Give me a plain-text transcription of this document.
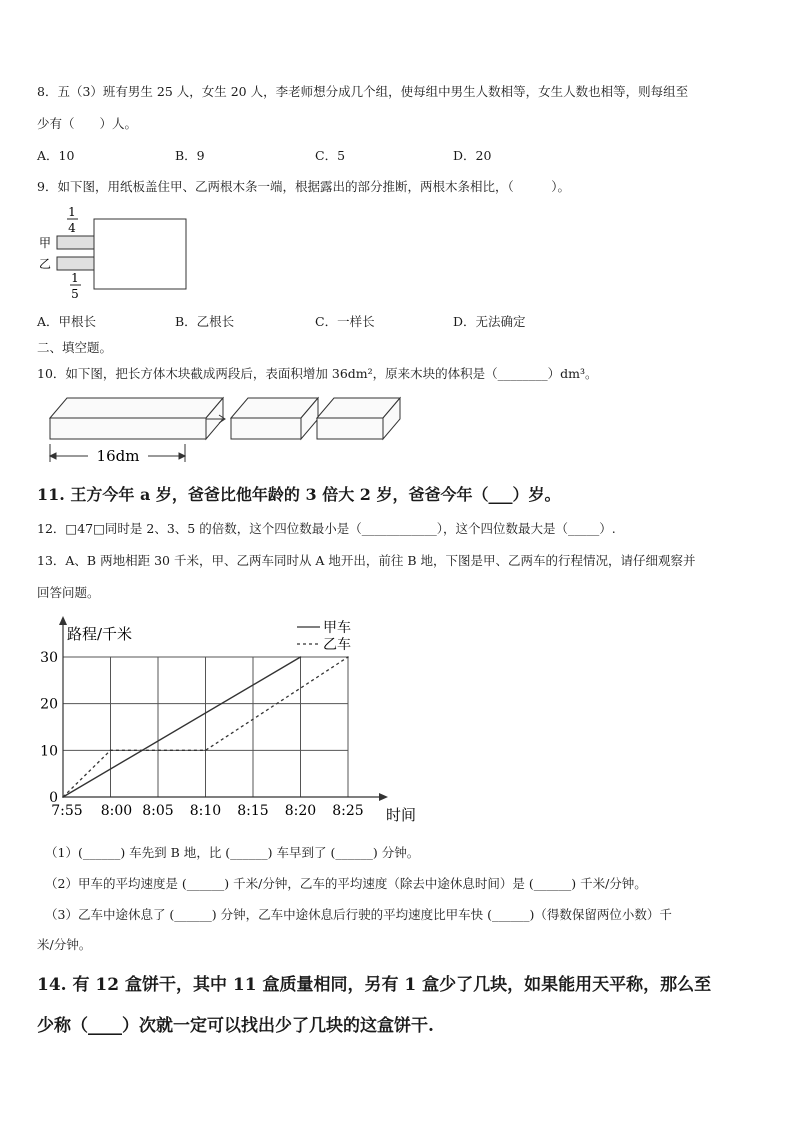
8．五（3）班有男生 25 人，女生 20 人，李老师想分成几个组，使每组中男生人数相等，女生人数也相等，则每组至
少有（　　）人。
A．10	B．9	C．5	D．20
9．如下图，用纸板盖住甲、乙两根木条一端，根据露出的部分推断，两根木条相比，（　　　）。
1
4
甲
乙
1
5
A．甲根长	B．乙根长	C．一样长	D．无法确定
二、填空题。
10．如下图，把长方体木块截成两段后，表面积增加 36dm²，原来木块的体积是（________）dm³。
16dm
11. 王方今年 a 岁，爸爸比他年龄的 3 倍大 2 岁，爸爸今年（___）岁。
12．□47□同时是 2、3、5 的倍数，这个四位数最小是（____________），这个四位数最大是（_____）.
13．A、B 两地相距 30 千米，甲、乙两车同时从 A 地开出，前往 B 地，下图是甲、乙两车的行程情况，请仔细观察并
回答问题。
0
10
20
30
7:55 8:00 8:05 8:10 8:15 8:20 8:25
甲车
乙车
路程/千米
时间
（1）(______) 车先到 B 地，比 (______) 车早到了 (______) 分钟。
（2）甲车的平均速度是 (______) 千米/分钟，乙车的平均速度（除去中途休息时间）是 (______) 千米/分钟。
（3）乙车中途休息了 (______) 分钟，乙车中途休息后行驶的平均速度比甲车快 (______)（得数保留两位小数）千
米/分钟。
14. 有 12 盒饼干，其中 11 盒质量相同，另有 1 盒少了几块，如果能用天平称，那么至
少称（____）次就一定可以找出少了几块的这盒饼干.
